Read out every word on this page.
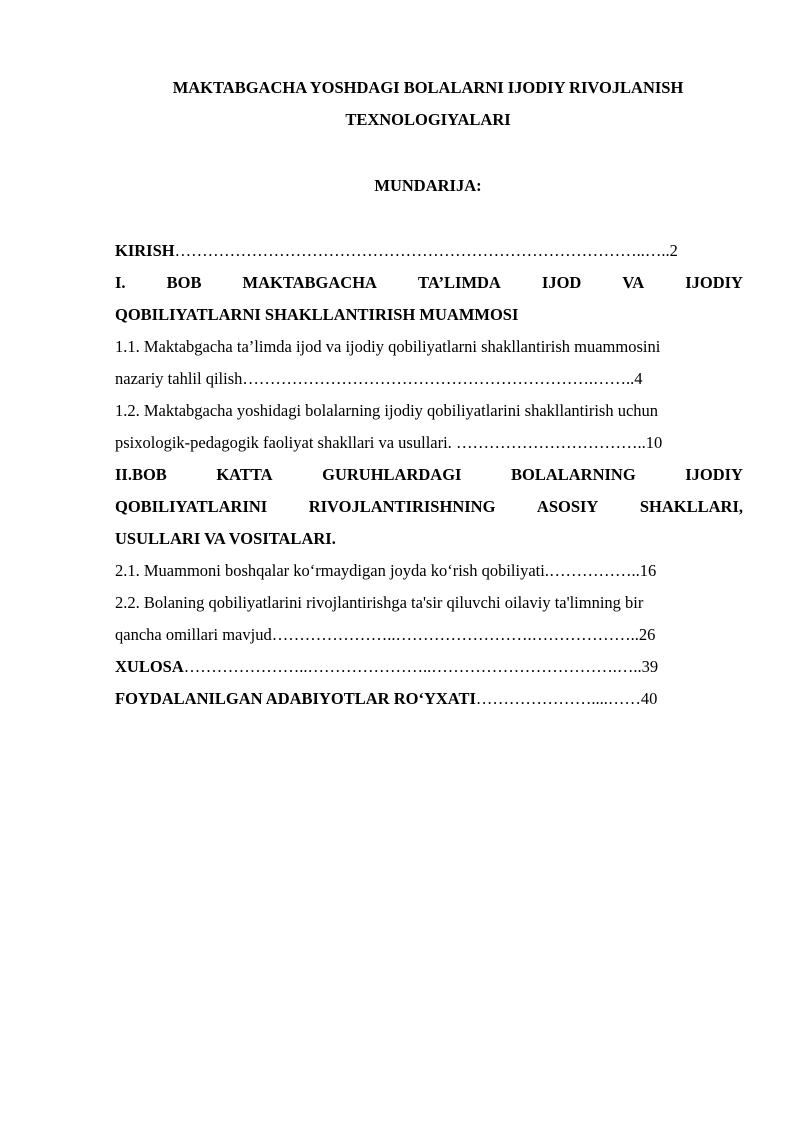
MAKTABGACHA YOSHDAGI BOLALARNI IJODIY RIVOJLANISH
TEXNOLOGIYALARI
MUNDARIJA:
KIRISH…………………………………………………………………………..…..2
I. BOB MAKTABGACHA TA’LIMDA IJOD VA IJODIY
QOBILIYATLARNI SHAKLLANTIRISH MUAMMOSI
1.1. Maktabgacha ta’limda ijod va ijodiy qobiliyatlarni shakllantirish muammosini
nazariy tahlil qilish……………………………………………………….……..4
1.2. Maktabgacha yoshidagi bolalarning ijodiy qobiliyatlarini shakllantirish uchun
psixologik-pedagogik faoliyat shakllari va usullari. ……………………………..10
II.BOB	KATTA	GURUHLARDAGI	BOLALARNING	IJODIY
QOBILIYATLARINI	RIVOJLANTIRISHNING	ASOSIY	SHAKLLARI,
USULLARI VA VOSITALARI.
2.1. Muammoni boshqalar ko‘rmaydigan joyda ko‘rish qobiliyati.……………..16
2.2. Bolaning qobiliyatlarini rivojlantirishga ta'sir qiluvchi oilaviy ta'limning bir
qancha omillari mavjud…………………..…………………….………………..26
XULOSA…………………..…………………..…………………………….…..39
FOYDALANILGAN ADABIYOTLAR RO‘YXATI…………………....……40
